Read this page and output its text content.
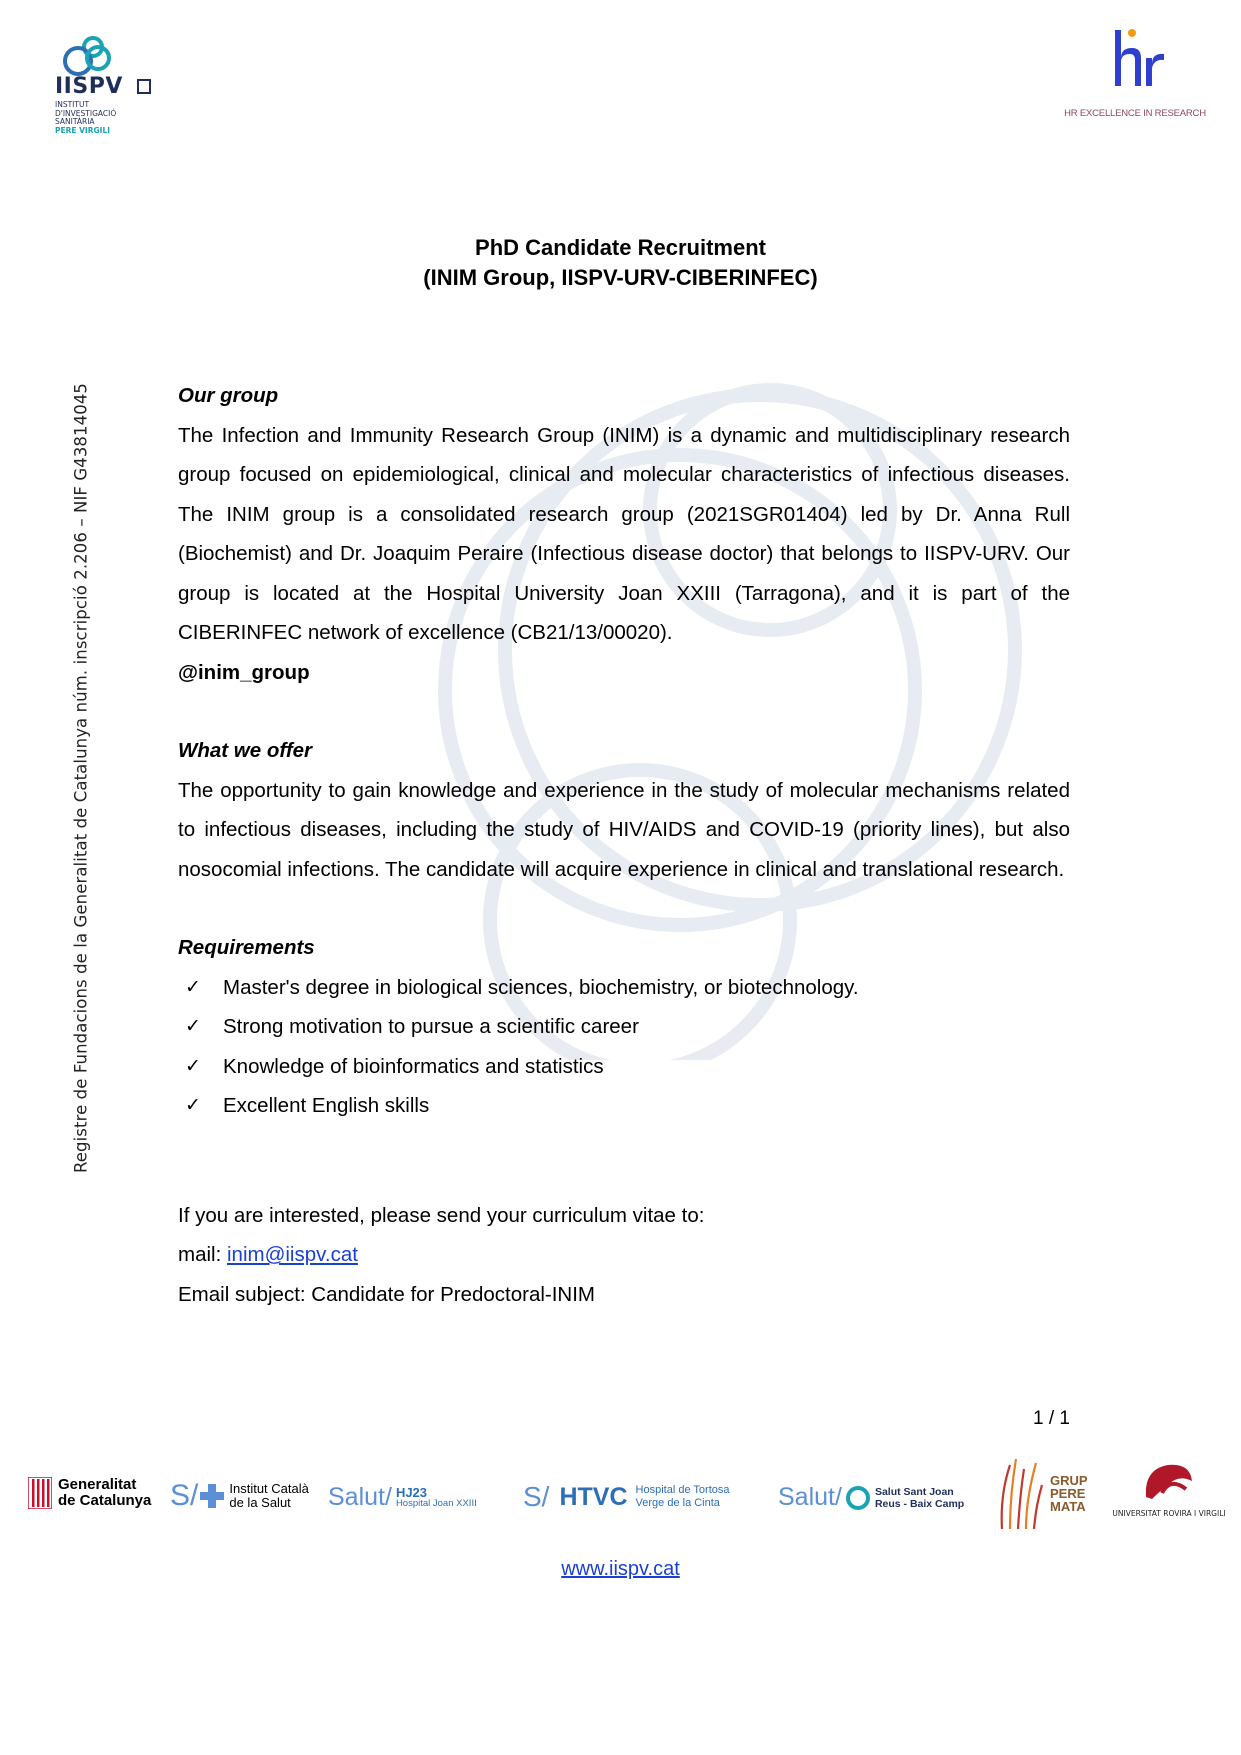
IISPV
INSTITUT
D'INVESTIGACIÓ
SANITÀRIA
PERE VIRGILI
HR EXCELLENCE IN RESEARCH
Registre de Fundacions de la Generalitat de Catalunya núm. inscripció 2.206 – NIF G43814045
PhD Candidate Recruitment
(INIM Group, IISPV-URV-CIBERINFEC)
Our group
The Infection and Immunity Research Group (INIM) is a dynamic and multidisciplinary research group focused on epidemiological, clinical and molecular characteristics of infectious diseases. The INIM group is a consolidated research group (2021SGR01404) led by Dr. Anna Rull (Biochemist) and Dr. Joaquim Peraire (Infectious disease doctor) that belongs to IISPV-URV. Our group is located at the Hospital University Joan XXIII (Tarragona), and it is part of the CIBERINFEC network of excellence (CB21/13/00020).
@inim_group
What we offer
The opportunity to gain knowledge and experience in the study of molecular mechanisms related to infectious diseases, including the study of HIV/AIDS and COVID-19 (priority lines), but also nosocomial infections. The candidate will acquire experience in clinical and translational research.
Requirements
✓ Master's degree in biological sciences, biochemistry, or biotechnology.
✓ Strong motivation to pursue a scientific career
✓ Knowledge of bioinformatics and statistics
✓ Excellent English skills
If you are interested, please send your curriculum vitae to:
mail: inim@iispv.cat
Email subject: Candidate for Predoctoral-INIM
1 / 1
Generalitat
de Catalunya S/ Institut Català
de la Salut	Salut/ HJ23
Hospital Joan XXIII S/ HTVC Hospital de Tortosa
Verge de la Cinta	Salut/	Salut Sant Joan
Reus - Baix Camp
GRUP
PERE
MATA	UNIVERSITAT ROVIRA I VIRGILI
www.iispv.cat
